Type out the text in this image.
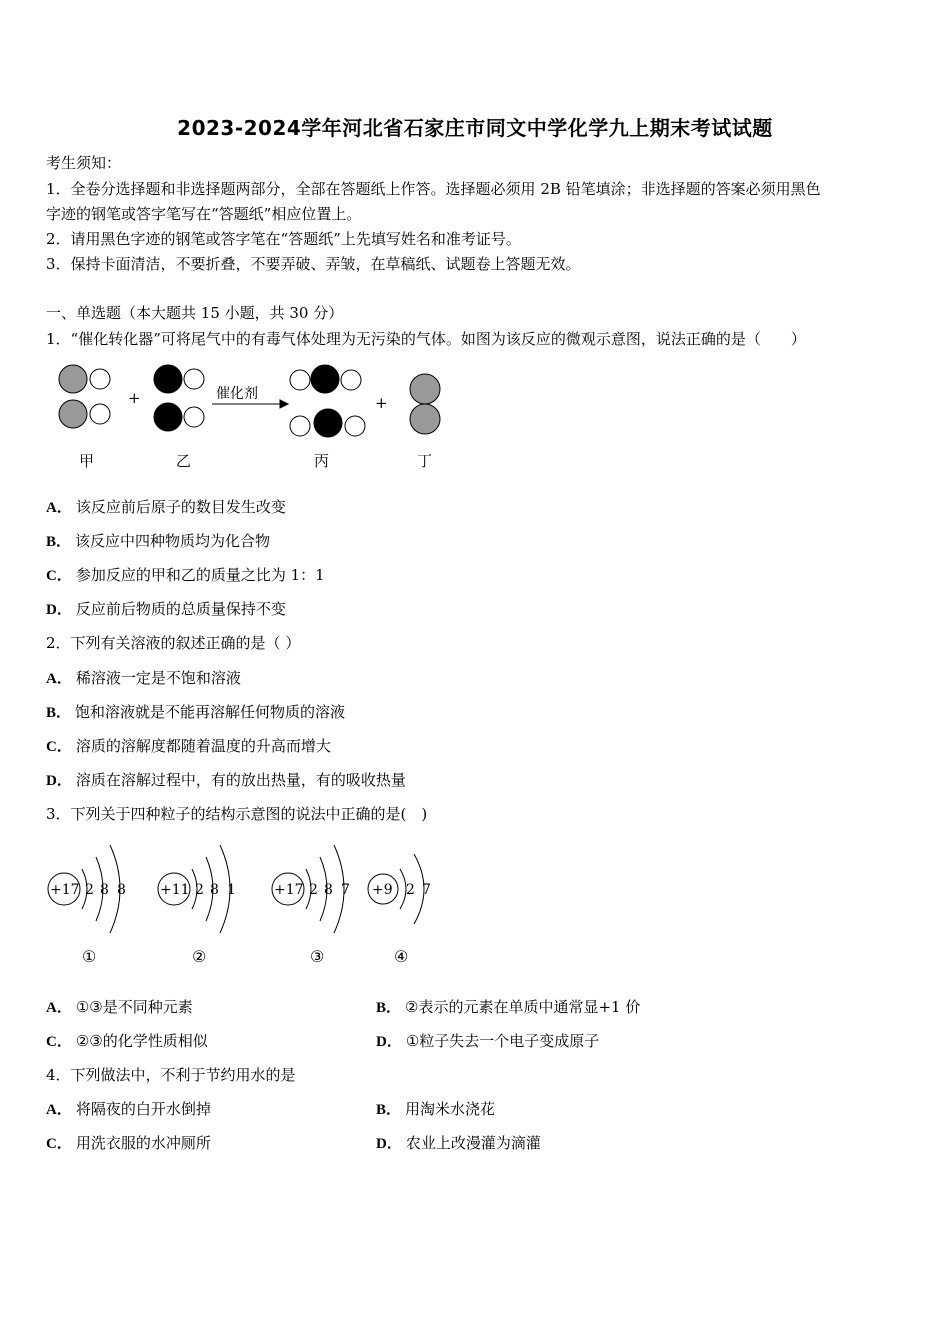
2023-2024学年河北省石家庄市同文中学化学九上期末考试试题
考生须知：
1．全卷分选择题和非选择题两部分，全部在答题纸上作答。选择题必须用 2B 铅笔填涂；非选择题的答案必须用黑色
字迹的钢笔或答字笔写在“答题纸”相应位置上。
2．请用黑色字迹的钢笔或答字笔在“答题纸”上先填写姓名和准考证号。
3．保持卡面清洁，不要折叠，不要弄破、弄皱，在草稿纸、试题卷上答题无效。
一、单选题（本大题共 15 小题，共 30 分）
1．“催化转化器”可将尾气中的有毒气体处理为无污染的气体。如图为该反应的微观示意图，说法正确的是（　　）
+	+
催化剂
甲	乙	丙	丁
A． 该反应前后原子的数目发生改变
B． 该反应中四种物质均为化合物
C． 参加反应的甲和乙的质量之比为 1：1
D． 反应前后物质的总质量保持不变
2．下列有关溶液的叙述正确的是（ ）
A． 稀溶液一定是不饱和溶液
B． 饱和溶液就是不能再溶解任何物质的溶液
C． 溶质的溶解度都随着温度的升高而增大
D． 溶质在溶解过程中，有的放出热量，有的吸收热量
3．下列关于四种粒子的结构示意图的说法中正确的是(　)
+17 2 8 8
①
+11 2 8 1
②
+17 2 8 7
③
+9 2 7
④
A． ①③是不同种元素	B． ②表示的元素在单质中通常显+1 价
C． ②③的化学性质相似	D． ①粒子失去一个电子变成原子
4．下列做法中，不利于节约用水的是
A． 将隔夜的白开水倒掉	B． 用淘米水浇花
C． 用洗衣服的水冲厕所	D． 农业上改漫灌为滴灌
